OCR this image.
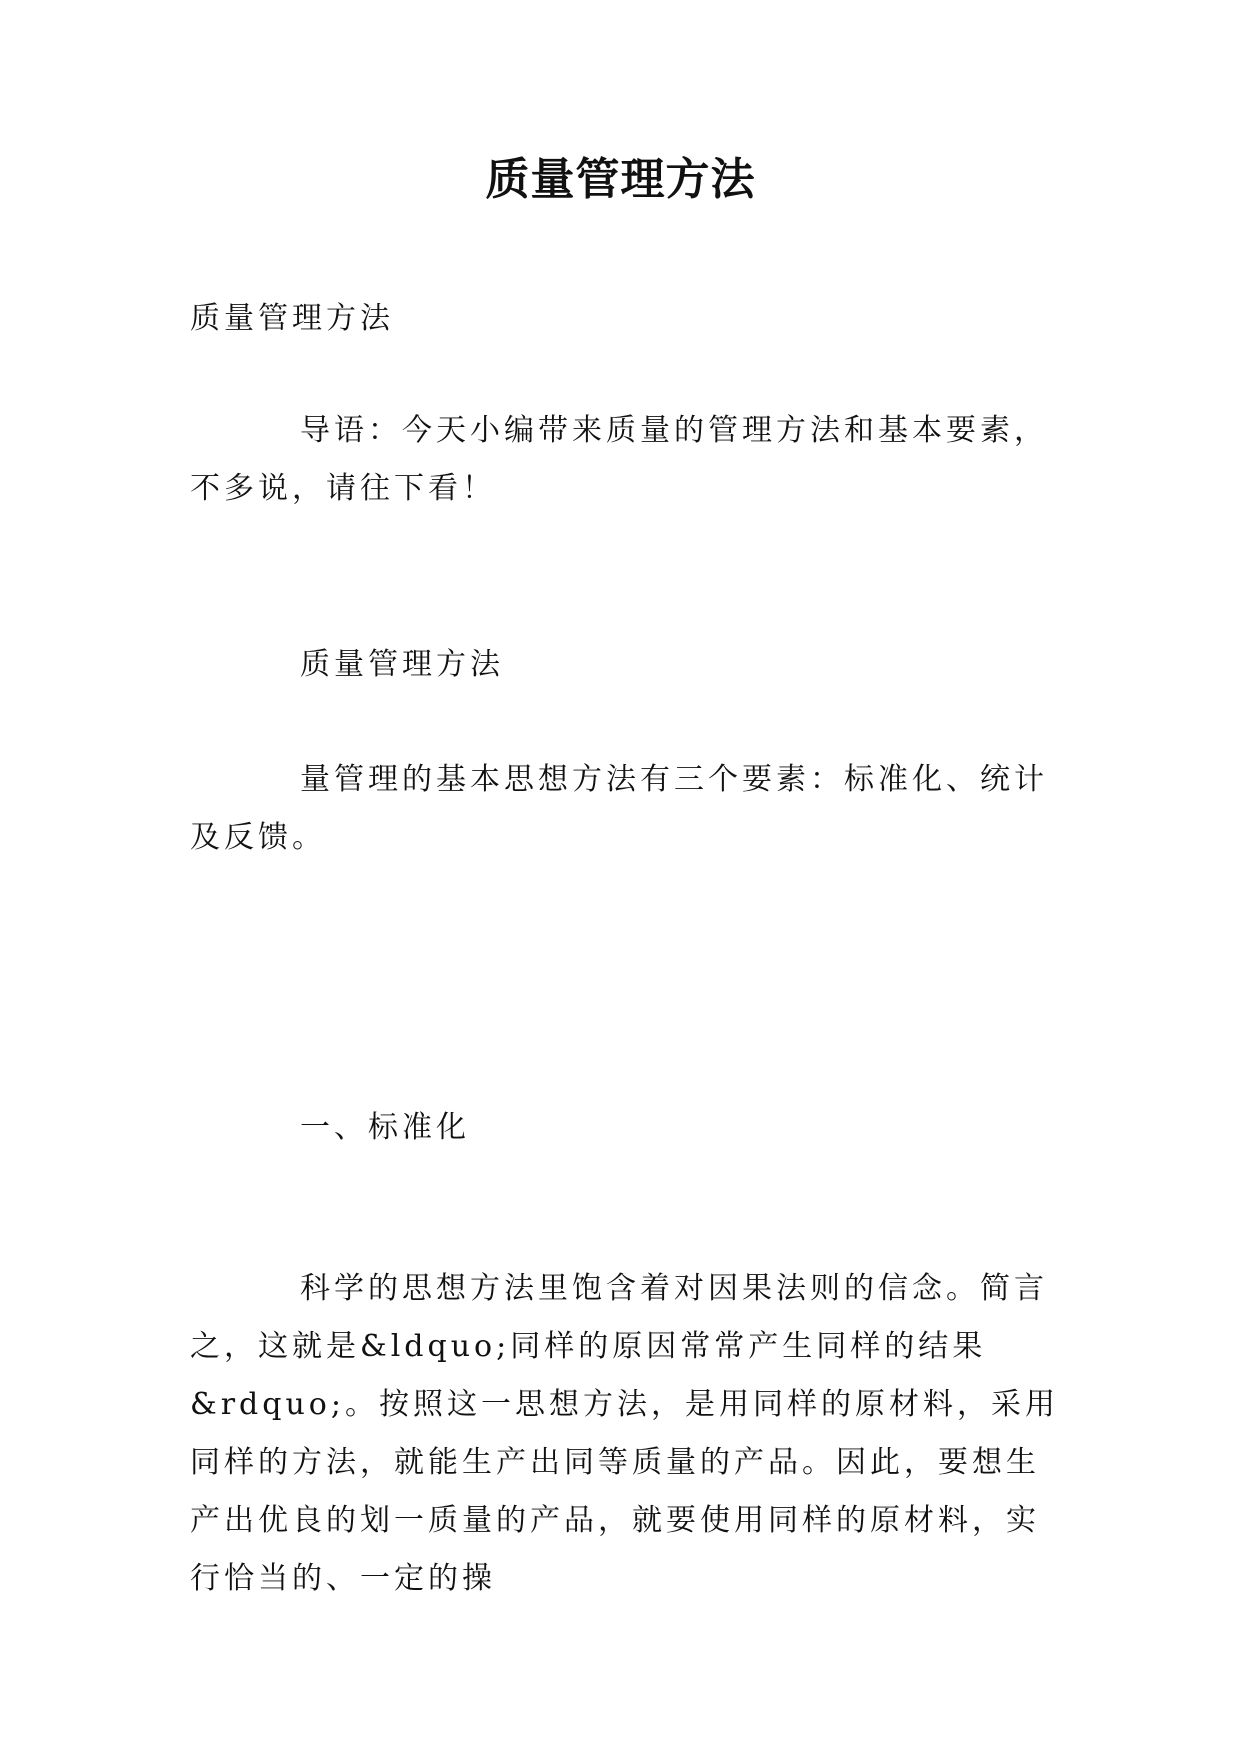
质量管理方法

质量管理方法

导语：今天小编带来质量的管理方法和基本要素，不多说，请往下看！

质量管理方法

量管理的基本思想方法有三个要素：标准化、统计及反馈。

一、标准化

科学的思想方法里饱含着对因果法则的信念。简言之，这就是&ldquo;同样的原因常常产生同样的结果&rdquo;。按照这一思想方法，是用同样的原材料，采用同样的方法，就能生产出同等质量的产品。因此，要想生产出优良的划一质量的产品，就要使用同样的原材料，实行恰当的、一定的操
